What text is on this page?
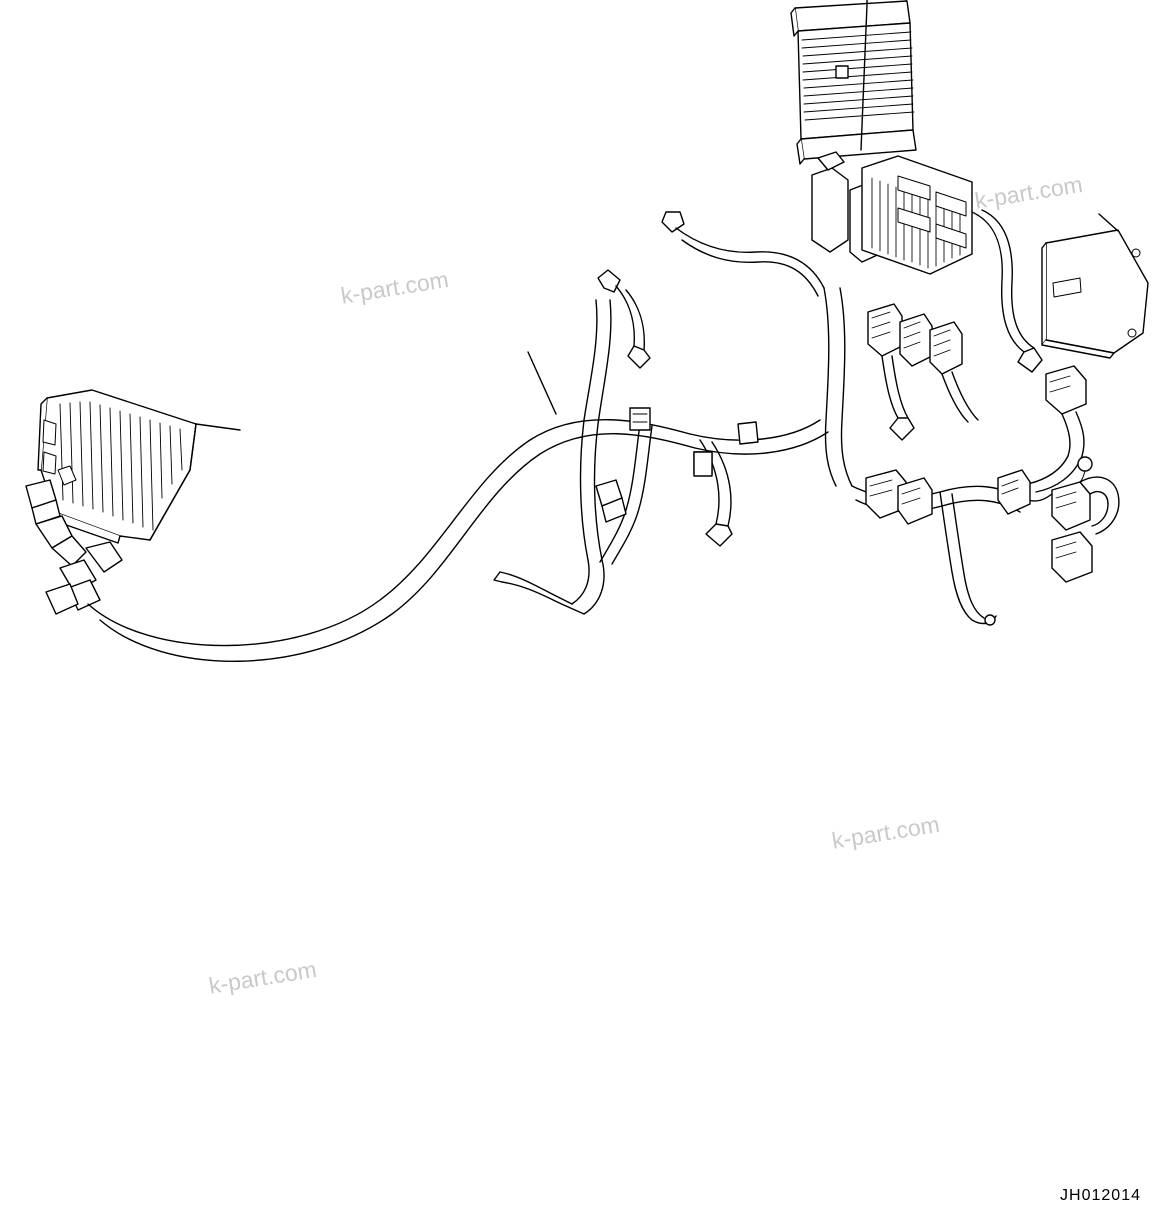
k-part.com
k-part.com
k-part.com
k-part.com
JH012014
